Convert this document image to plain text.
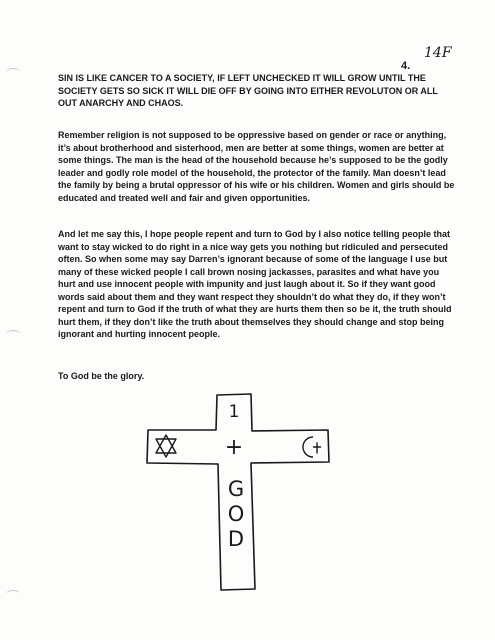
14F
4.

SIN IS LIKE CANCER TO A SOCIETY, IF LEFT UNCHECKED IT WILL GROW UNTIL THE SOCIETY GETS SO SICK IT WILL DIE OFF BY GOING INTO EITHER REVOLUTON OR ALL OUT ANARCHY AND CHAOS.

Remember religion is not supposed to be oppressive based on gender or race or anything, it’s about brotherhood and sisterhood, men are better at some things, women are better at some things. The man is the head of the household because he’s supposed to be the godly leader and godly role model of the household, the protector of the family. Man doesn’t lead the family by being a brutal oppressor of his wife or his children. Women and girls should be educated and treated well and fair and given opportunities.

And let me say this, I hope people repent and turn to God by I also notice telling people that want to stay wicked to do right in a nice way gets you nothing but ridiculed and persecuted often. So when some may say Darren’s ignorant because of some of the language I use but many of these wicked people I call brown nosing jackasses, parasites and what have you hurt and use innocent people with impunity and just laugh about it. So if they want good words said about them and they want respect they shouldn’t do what they do, if they won’t repent and turn to God if the truth of what they are hurts them then so be it, the truth should hurt them, if they don’t like the truth about themselves they should change and stop being ignorant and hurting innocent people.

To God be the glory.

1
+
G
O
D
